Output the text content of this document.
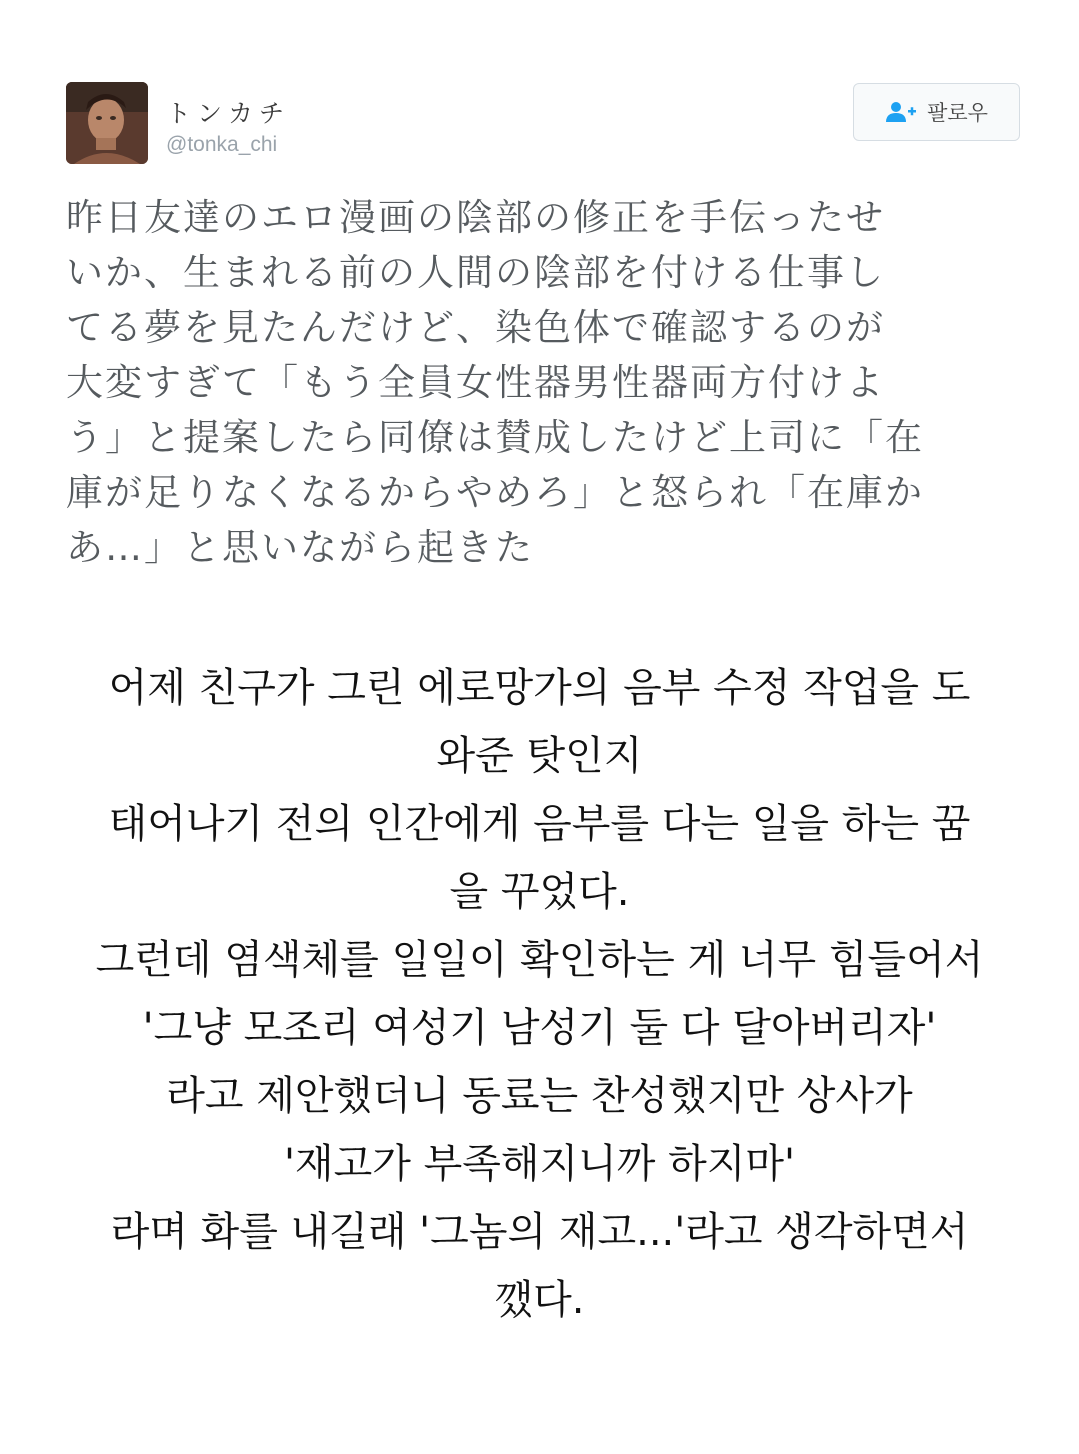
トンカチ
@tonka_chi
팔로우
昨日友達のエロ漫画の陰部の修正を手伝ったせ
いか、生まれる前の人間の陰部を付ける仕事し
てる夢を見たんだけど、染色体で確認するのが
大変すぎて「もう全員女性器男性器両方付けよ
う」と提案したら同僚は賛成したけど上司に「在
庫が足りなくなるからやめろ」と怒られ「在庫か
あ…」と思いながら起きた
어제 친구가 그린 에로망가의 음부 수정 작업을 도
와준 탓인지
태어나기 전의 인간에게 음부를 다는 일을 하는 꿈
을 꾸었다.
그런데 염색체를 일일이 확인하는 게 너무 힘들어서
'그냥 모조리 여성기 남성기 둘 다 달아버리자'
라고 제안했더니 동료는 찬성했지만 상사가
'재고가 부족해지니까 하지마'
라며 화를 내길래 '그놈의 재고...'라고 생각하면서
깼다.
